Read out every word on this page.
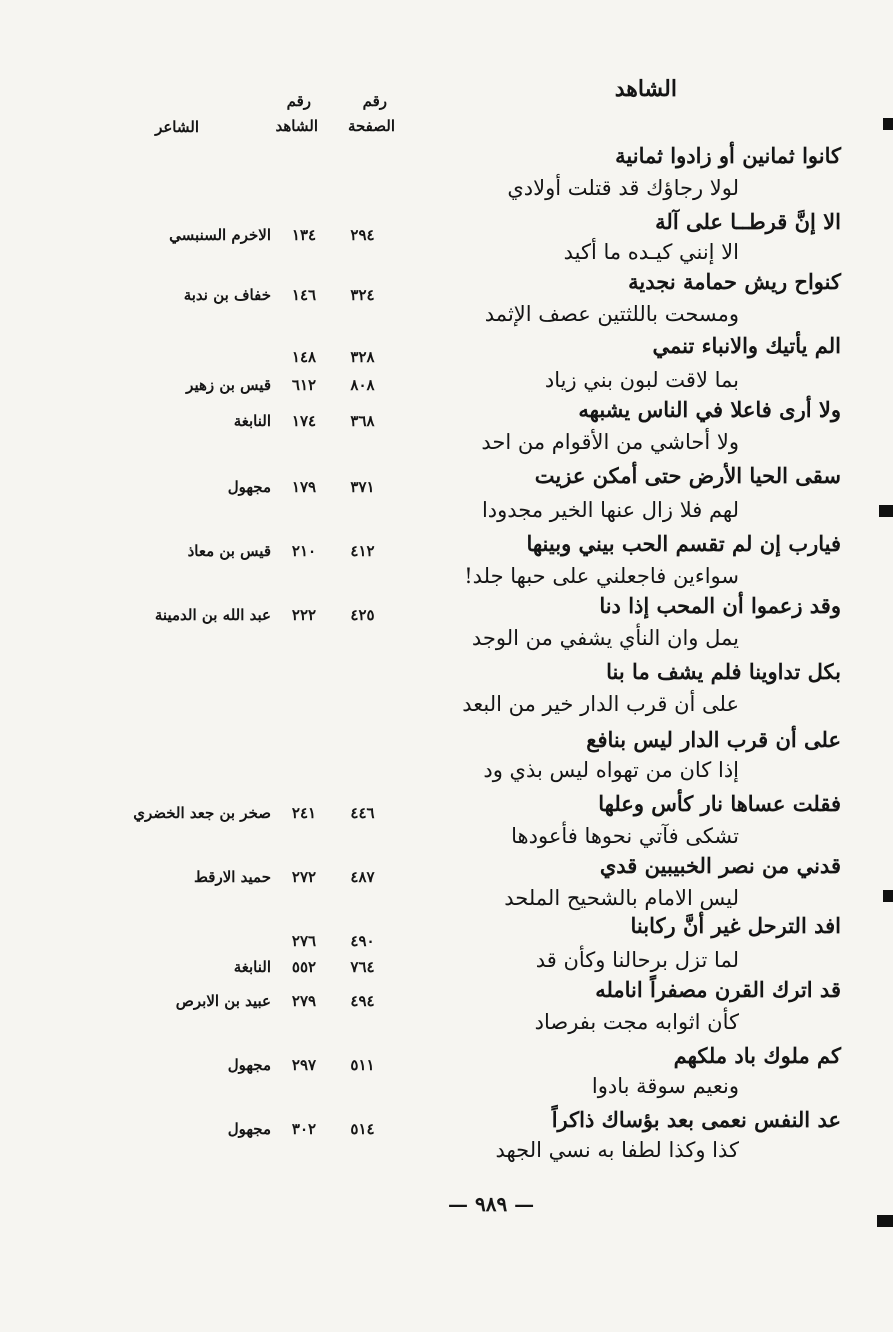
الشاهد
رقم
الصفحة
رقم
الشاهد
الشاعر
كانوا ثمانين أو زادوا ثمانية
لولا رجاؤك قد قتلت أولادي
الا إنَّ قرطــا على آلة
الا إنني كيـده ما أكيد
٢٩٤
١٣٤
الاخرم السنبسي
كنواح ريش حمامة نجدية
ومسحت باللثتين عصف الإثمد
٣٢٤
١٤٦
خفاف بن ندبة
الم يأتيك والانباء تنمي
بما لاقت لبون بني زياد
٣٢٨
١٤٨
٨٠٨
٦١٢
قيس بن زهير
ولا أرى فاعلا في الناس يشبهه
ولا أحاشي من الأقوام من احد
٣٦٨
١٧٤
النابغة
سقى الحيا الأرض حتى أمكن عزيت
لهم فلا زال عنها الخير مجدودا
٣٧١
١٧٩
مجهول
فيارب إن لم تقسم الحب بيني وبينها
سواءين فاجعلني على حبها جلد!
٤١٢
٢١٠
قيس بن معاذ
وقد زعموا أن المحب إذا دنا
يمل وان النأي يشفي من الوجد
٤٢٥
٢٢٢
عبد الله بن الدمينة
بكل تداوينا فلم يشف ما بنا
على أن قرب الدار خير من البعد
على أن قرب الدار ليس بنافع
إذا كان من تهواه ليس بذي ود
فقلت عساها نار كأس وعلها
تشكى فآتي نحوها فأعودها
٤٤٦
٢٤١
صخر بن جعد الخضري
قدني من نصر الخبيبين قدي
ليس الامام بالشحيح الملحد
٤٨٧
٢٧٢
حميد الارقط
افد الترحل غير أنَّ ركابنا
لما تزل برحالنا وكأن قد
٤٩٠
٢٧٦
٧٦٤
٥٥٢
النابغة
قد اترك القرن مصفراً انامله
كأن اثوابه مجت بفرصاد
٤٩٤
٢٧٩
عبيد بن الابرص
كم ملوك باد ملكهم
ونعيم سوقة بادوا
٥١١
٢٩٧
مجهول
عد النفس نعمى بعد بؤساك ذاكراً
كذا وكذا لطفا به نسي الجهد
٥١٤
٣٠٢
مجهول
— ٩٨٩ —
